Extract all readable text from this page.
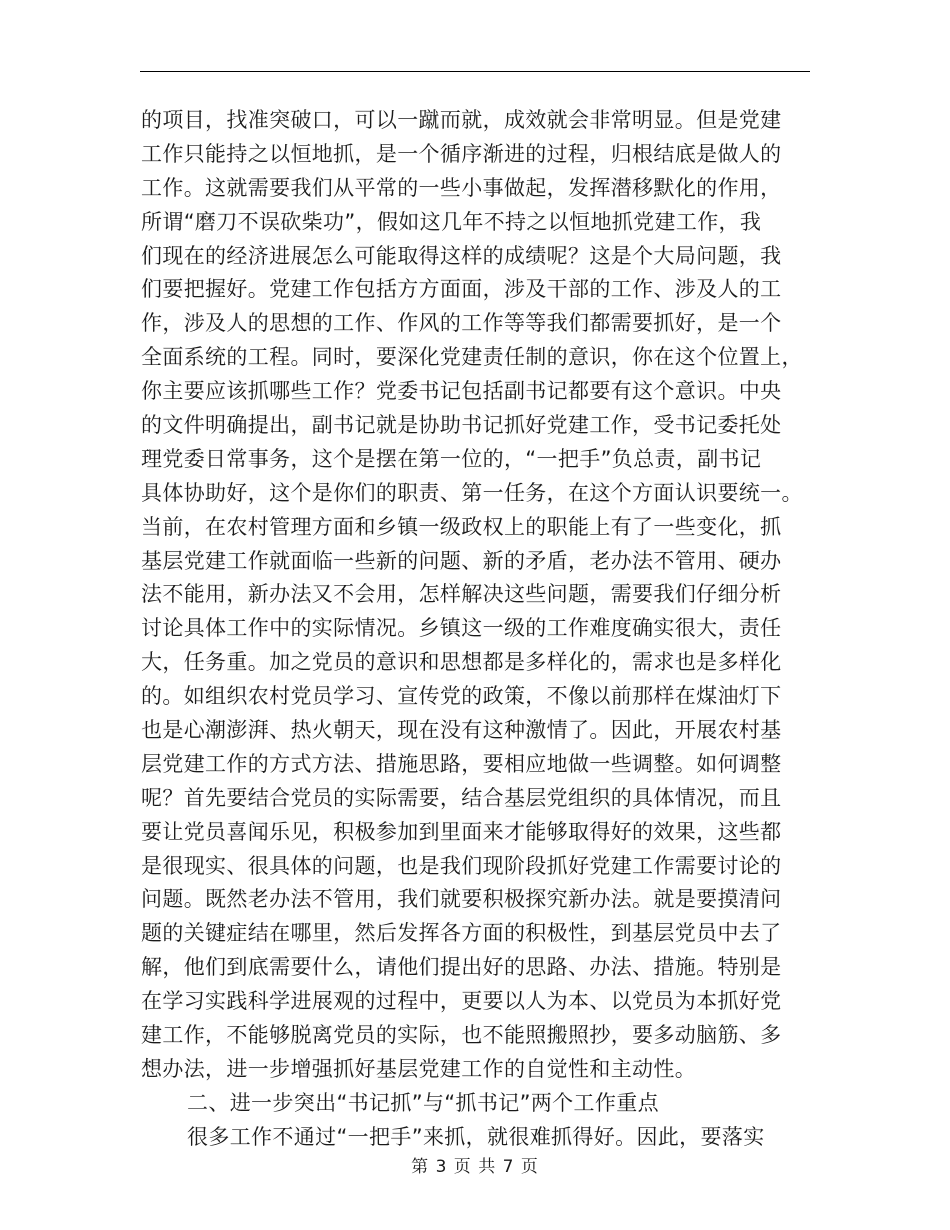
的项目，找准突破口，可以一蹴而就，成效就会非常明显。但是党建
工作只能持之以恒地抓，是一个循序渐进的过程，归根结底是做人的
工作。这就需要我们从平常的一些小事做起，发挥潜移默化的作用，
所谓“磨刀不误砍柴功”，假如这几年不持之以恒地抓党建工作，我
们现在的经济进展怎么可能取得这样的成绩呢？这是个大局问题，我
们要把握好。党建工作包括方方面面，涉及干部的工作、涉及人的工
作，涉及人的思想的工作、作风的工作等等我们都需要抓好，是一个
全面系统的工程。同时，要深化党建责任制的意识，你在这个位置上，
你主要应该抓哪些工作？党委书记包括副书记都要有这个意识。中央
的文件明确提出，副书记就是协助书记抓好党建工作，受书记委托处
理党委日常事务，这个是摆在第一位的，“一把手”负总责，副书记
具体协助好，这个是你们的职责、第一任务，在这个方面认识要统一。
当前，在农村管理方面和乡镇一级政权上的职能上有了一些变化，抓
基层党建工作就面临一些新的问题、新的矛盾，老办法不管用、硬办
法不能用，新办法又不会用，怎样解决这些问题，需要我们仔细分析
讨论具体工作中的实际情况。乡镇这一级的工作难度确实很大，责任
大，任务重。加之党员的意识和思想都是多样化的，需求也是多样化
的。如组织农村党员学习、宣传党的政策，不像以前那样在煤油灯下
也是心潮澎湃、热火朝天，现在没有这种激情了。因此，开展农村基
层党建工作的方式方法、措施思路，要相应地做一些调整。如何调整
呢？首先要结合党员的实际需要，结合基层党组织的具体情况，而且
要让党员喜闻乐见，积极参加到里面来才能够取得好的效果，这些都
是很现实、很具体的问题，也是我们现阶段抓好党建工作需要讨论的
问题。既然老办法不管用，我们就要积极探究新办法。就是要摸清问
题的关键症结在哪里，然后发挥各方面的积极性，到基层党员中去了
解，他们到底需要什么，请他们提出好的思路、办法、措施。特别是
在学习实践科学进展观的过程中，更要以人为本、以党员为本抓好党
建工作，不能够脱离党员的实际，也不能照搬照抄，要多动脑筋、多
想办法，进一步增强抓好基层党建工作的自觉性和主动性。
二、进一步突出“书记抓”与“抓书记”两个工作重点
很多工作不通过“一把手”来抓，就很难抓得好。因此，要落实
第 3 页 共 7 页
